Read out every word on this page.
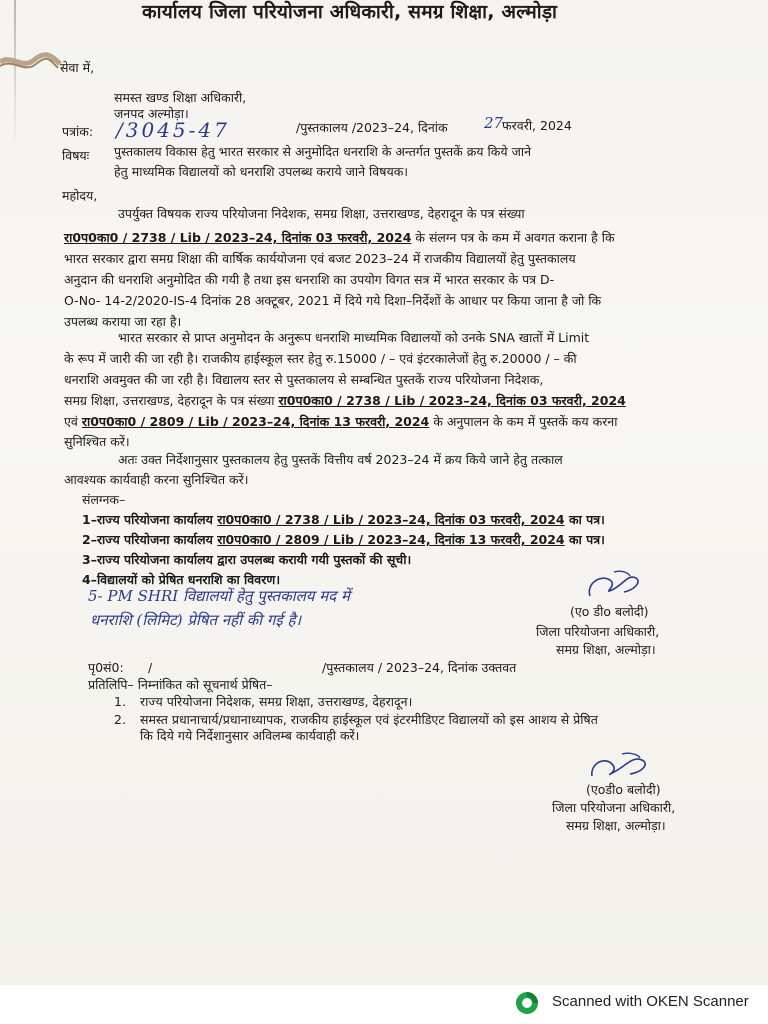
कार्यालय जिला परियोजना अधिकारी, समग्र शिक्षा, अल्मोड़ा
सेवा में,
समस्त खण्ड शिक्षा अधिकारी,
जनपद अल्मोड़ा।
पत्रांक: /3045-47	/पुस्तकालय /2023–24, दिनांक 27
फरवरी, 2024
विषयः पुस्तकालय विकास हेतु भारत सरकार से अनुमोदित धनराशि के अन्तर्गत पुस्तकें क्रय किये जाने
हेतु माध्यमिक विद्यालयों को धनराशि उपलब्ध कराये जाने विषयक।
महोदय,
उपर्युक्त विषयक राज्य परियोजना निदेशक, समग्र शिक्षा, उत्तराखण्ड, देहरादून के पत्र संख्या
रा0प0का0 / 2738 / Lib / 2023–24, दिनांक 03 फरवरी, 2024 के संलग्न पत्र के कम में अवगत कराना है कि
भारत सरकार द्वारा समग्र शिक्षा की वार्षिक कार्ययोजना एवं बजट 2023–24 में राजकीय विद्यालयों हेतु पुस्तकालय
अनुदान की धनराशि अनुमोदित की गयी है तथा इस धनराशि का उपयोग विगत सत्र में भारत सरकार के पत्र D-
O-No- 14-2/2020-IS-4 दिनांक 28 अक्टूबर, 2021 में दिये गये दिशा–निर्देशों के आधार पर किया जाना है जो कि
उपलब्ध कराया जा रहा है।
भारत सरकार से प्राप्त अनुमोदन के अनुरूप धनराशि माध्यमिक विद्यालयों को उनके SNA खातों में Limit
के रूप में जारी की जा रही है। राजकीय हाईस्कूल स्तर हेतु रु.15000 / – एवं इंटरकालेजों हेतु रु.20000 / – की
धनराशि अवमुक्त की जा रही है। विद्यालय स्तर से पुस्तकालय से सम्बन्धित पुस्तकें राज्य परियोजना निदेशक,
समग्र शिक्षा, उत्तराखण्ड, देहरादून के पत्र संख्या रा0प0का0 / 2738 / Lib / 2023–24, दिनांक 03 फरवरी, 2024
एवं रा0प0का0 / 2809 / Lib / 2023–24, दिनांक 13 फरवरी, 2024 के अनुपालन के कम में पुस्तकें कय करना
सुनिश्चित करें।
अतः उक्त निर्देशानुसार पुस्तकालय हेतु पुस्तकें वित्तीय वर्ष 2023–24 में क्रय किये जाने हेतु तत्काल
आवश्यक कार्यवाही करना सुनिश्चित करें।
संलग्नक–
1–राज्य परियोजना कार्यालय रा0प0का0 / 2738 / Lib / 2023–24, दिनांक 03 फरवरी, 2024 का पत्र।
2–राज्य परियोजना कार्यालय रा0प0का0 / 2809 / Lib / 2023–24, दिनांक 13 फरवरी, 2024 का पत्र।
3–राज्य परियोजना कार्यालय द्वारा उपलब्ध करायी गयी पुस्तकों की सूची।
4–विद्यालयों को प्रेषित धनराशि का विवरण।
5- PM SHRI विद्यालयों हेतु पुस्तकालय मद में
धनराशि (लिमिट) प्रेषित नहीं की गई है।	(एo डीo बलोदी)
जिला परियोजना अधिकारी,
समग्र शिक्षा, अल्मोड़ा।
पृ0सं0: /	/पुस्तकालय / 2023–24, दिनांक उक्तवत
प्रतिलिपि– निम्नांकित को सूचनार्थ प्रेषित–
1. राज्य परियोजना निदेशक, समग्र शिक्षा, उत्तराखण्ड, देहरादून।
2. समस्त प्रधानाचार्य/प्रधानाध्यापक, राजकीय हाईस्कूल एवं इंटरमीडिएट विद्यालयों को इस आशय से प्रेषित
कि दिये गये निर्देशानुसार अविलम्ब कार्यवाही करें।
(एoडीo बलोदी)
जिला परियोजना अधिकारी,
समग्र शिक्षा, अल्मोड़ा।
Scanned with OKEN Scanner
